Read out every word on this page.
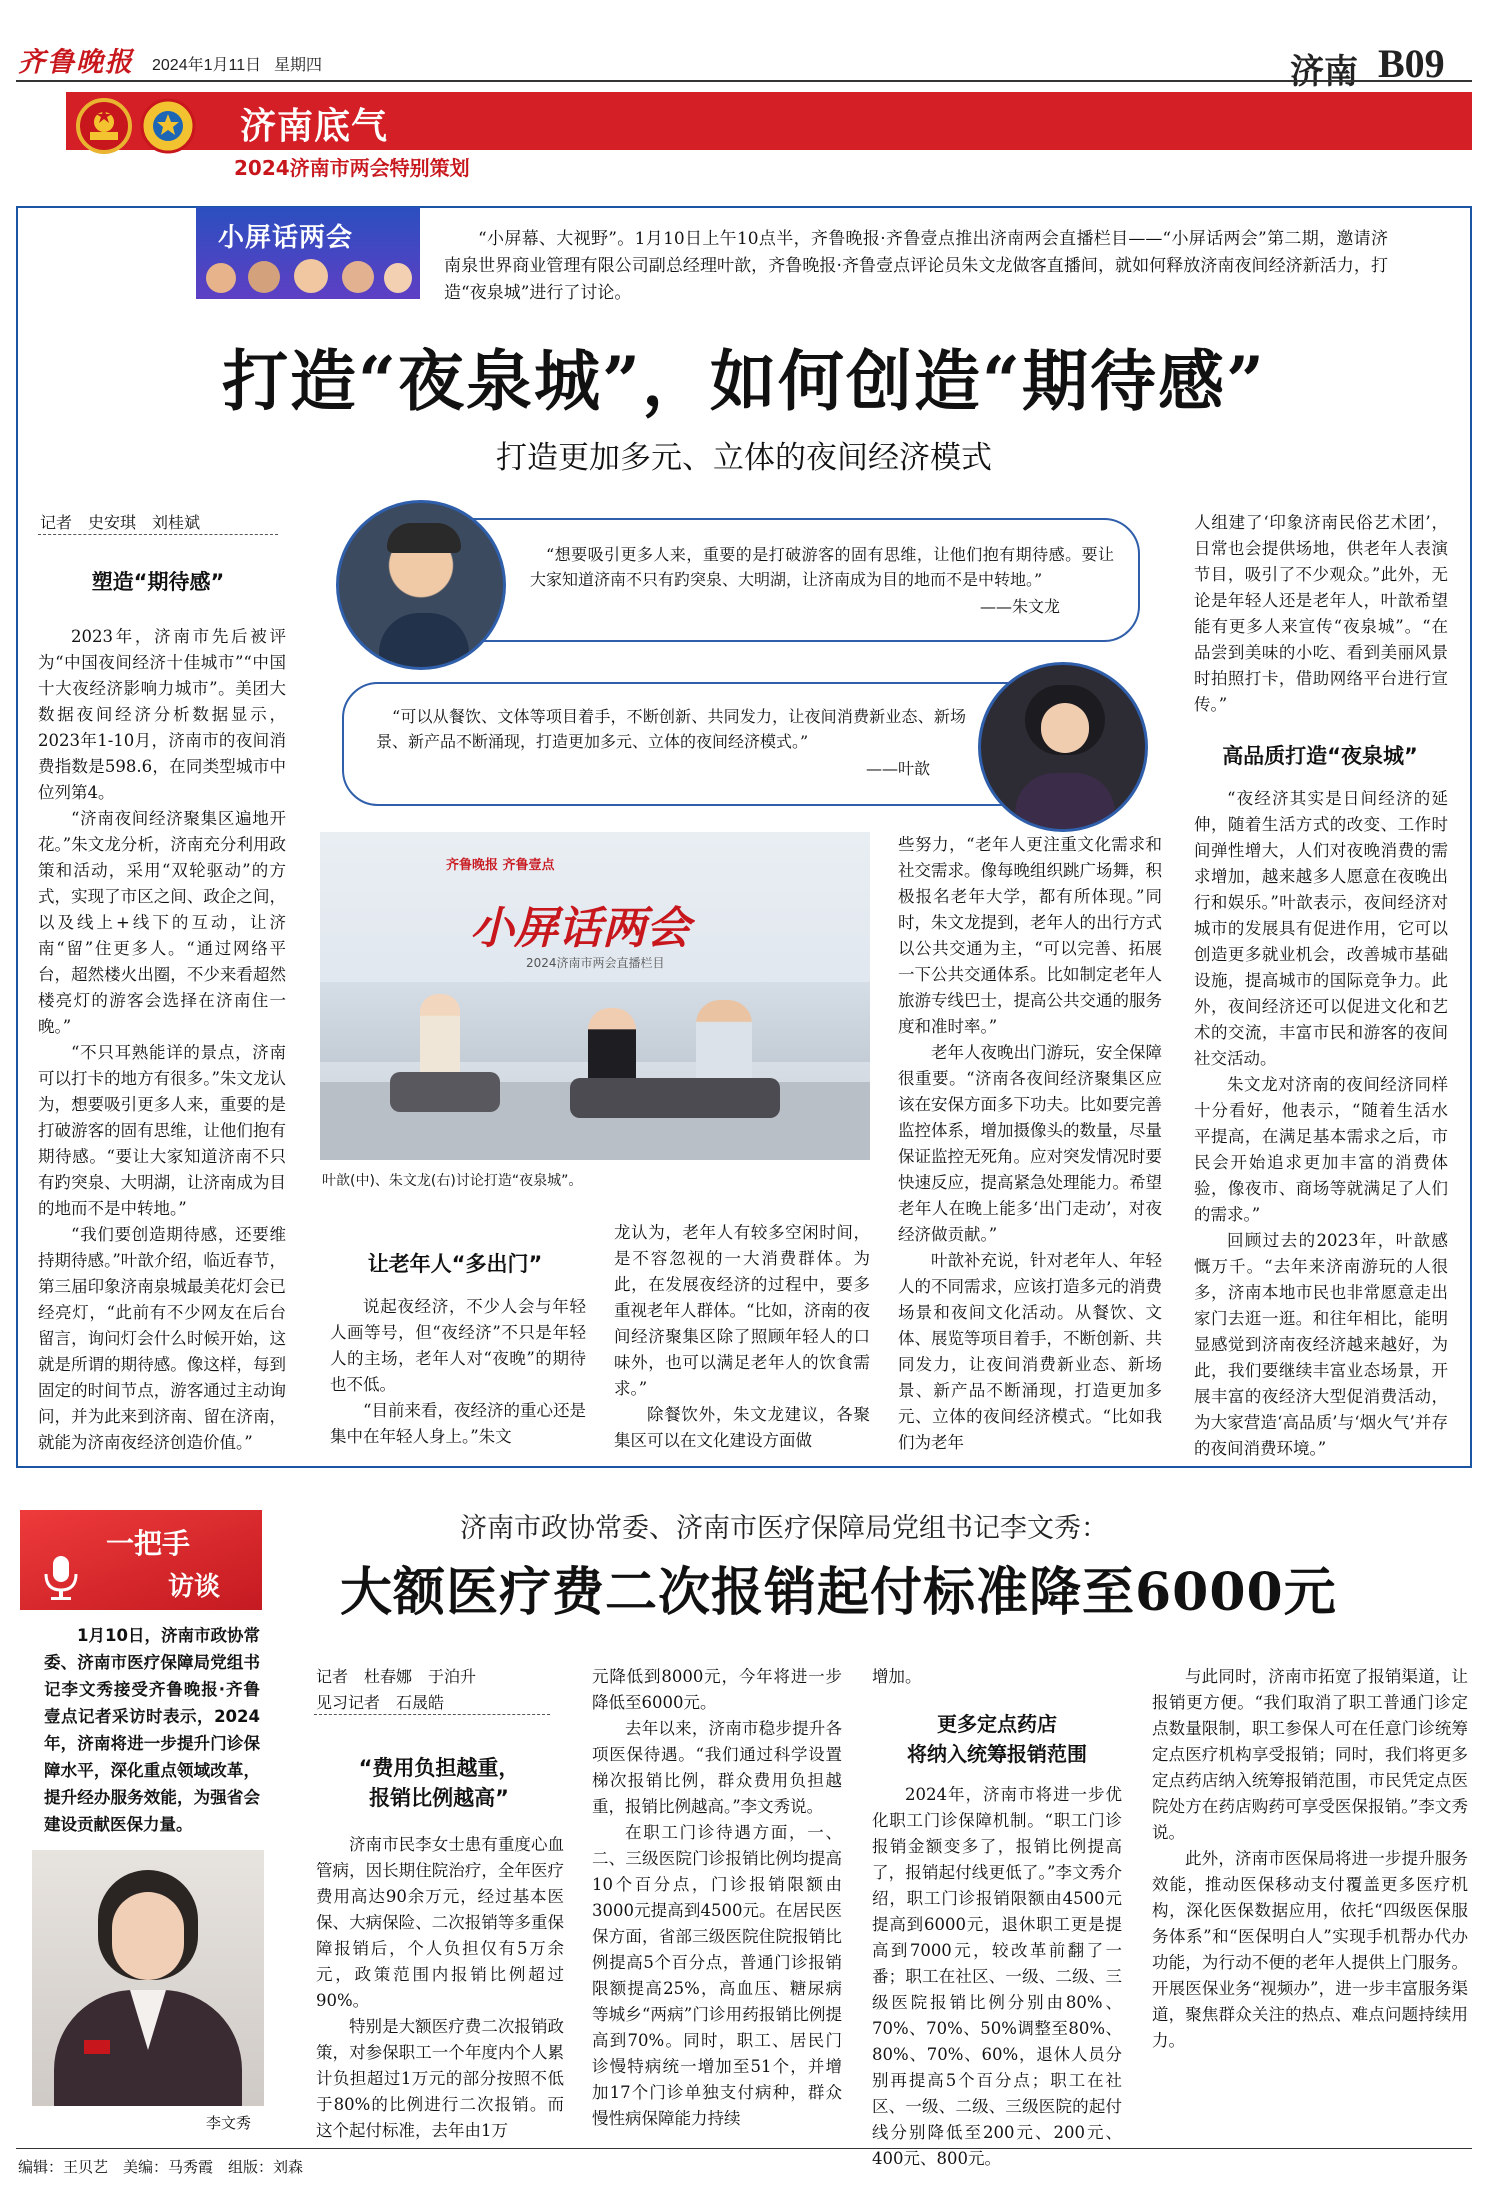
齐鲁晚报 2024年1月11日 星期四	济南 B09
济南底气
2024济南市两会特别策划
小屏话两会	“小屏幕、大视野”。1月10日上午10点半，齐鲁晚报·齐鲁壹点推出济南两会直播栏目——“小屏话两会”第二期，邀请济南泉世界商业管理有限公司副总经理叶歆，齐鲁晚报·齐鲁壹点评论员朱文龙做客直播间，就如何释放济南夜间经济新活力，打造“夜泉城”进行了讨论。
打造“夜泉城”，如何创造“期待感”
打造更加多元、立体的夜间经济模式
记者　史安琪　刘桂斌
塑造“期待感”

2023年，济南市先后被评为“中国夜间经济十佳城市”“中国十大夜经济影响力城市”。美团大数据夜间经济分析数据显示，2023年1-10月，济南市的夜间消费指数是598.6，在同类型城市中位列第4。

“济南夜间经济聚集区遍地开花。”朱文龙分析，济南充分利用政策和活动，采用“双轮驱动”的方式，实现了市区之间、政企之间，以及线上+线下的互动，让济南“留”住更多人。“通过网络平台，超然楼火出圈，不少来看超然楼亮灯的游客会选择在济南住一晚。”

“不只耳熟能详的景点，济南可以打卡的地方有很多。”朱文龙认为，想要吸引更多人来，重要的是打破游客的固有思维，让他们抱有期待感。“要让大家知道济南不只有趵突泉、大明湖，让济南成为目的地而不是中转地。”

“我们要创造期待感，还要维持期待感。”叶歆介绍，临近春节，第三届印象济南泉城最美花灯会已经亮灯，“此前有不少网友在后台留言，询问灯会什么时候开始，这就是所谓的期待感。像这样，每到固定的时间节点，游客通过主动询问，并为此来到济南、留在济南，就能为济南夜经济创造价值。”

“想要吸引更多人来，重要的是打破游客的固有思维，让他们抱有期待感。要让大家知道济南不只有趵突泉、大明湖，让济南成为目的地而不是中转地。”
——朱文龙
“可以从餐饮、文体等项目着手，不断创新、共同发力，让夜间消费新业态、新场景、新产品不断涌现，打造更加多元、立体的夜间经济模式。”
——叶歆
齐鲁晚报 齐鲁壹点
小屏话两会
2024济南市两会直播栏目
叶歆(中)、朱文龙(右)讨论打造“夜泉城”。
让老年人“多出门”

说起夜经济，不少人会与年轻人画等号，但“夜经济”不只是年轻人的主场，老年人对“夜晚”的期待也不低。

“目前来看，夜经济的重心还是集中在年轻人身上。”朱文

龙认为，老年人有较多空闲时间，是不容忽视的一大消费群体。为此，在发展夜经济的过程中，要多重视老年人群体。“比如，济南的夜间经济聚集区除了照顾年轻人的口味外，也可以满足老年人的饮食需求。”

除餐饮外，朱文龙建议，各聚集区可以在文化建设方面做

些努力，“老年人更注重文化需求和社交需求。像每晚组织跳广场舞，积极报名老年大学，都有所体现。”同时，朱文龙提到，老年人的出行方式以公共交通为主，“可以完善、拓展一下公共交通体系。比如制定老年人旅游专线巴士，提高公共交通的服务度和准时率。”

老年人夜晚出门游玩，安全保障很重要。“济南各夜间经济聚集区应该在安保方面多下功夫。比如要完善监控体系，增加摄像头的数量，尽量保证监控无死角。应对突发情况时要快速反应，提高紧急处理能力。希望老年人在晚上能多‘出门走动’，对夜经济做贡献。”

叶歆补充说，针对老年人、年轻人的不同需求，应该打造多元的消费场景和夜间文化活动。从餐饮、文体、展览等项目着手，不断创新、共同发力，让夜间消费新业态、新场景、新产品不断涌现，打造更加多元、立体的夜间经济模式。“比如我们为老年

人组建了‘印象济南民俗艺术团’，日常也会提供场地，供老年人表演节目，吸引了不少观众。”此外，无论是年轻人还是老年人，叶歆希望能有更多人来宣传“夜泉城”。“在品尝到美味的小吃、看到美丽风景时拍照打卡，借助网络平台进行宣传。”

高品质打造“夜泉城”

“夜经济其实是日间经济的延伸，随着生活方式的改变、工作时间弹性增大，人们对夜晚消费的需求增加，越来越多人愿意在夜晚出行和娱乐。”叶歆表示，夜间经济对城市的发展具有促进作用，它可以创造更多就业机会，改善城市基础设施，提高城市的国际竞争力。此外，夜间经济还可以促进文化和艺术的交流，丰富市民和游客的夜间社交活动。

朱文龙对济南的夜间经济同样十分看好，他表示，“随着生活水平提高，在满足基本需求之后，市民会开始追求更加丰富的消费体验，像夜市、商场等就满足了人们的需求。”

回顾过去的2023年，叶歆感慨万千。“去年来济南游玩的人很多，济南本地市民也非常愿意走出家门去逛一逛。和往年相比，能明显感觉到济南夜经济越来越好，为此，我们要继续丰富业态场景，开展丰富的夜经济大型促消费活动，为大家营造‘高品质’与‘烟火气’并存的夜间消费环境。”

一把手
访谈
1月10日，济南市政协常委、济南市医疗保障局党组书记李文秀接受齐鲁晚报·齐鲁壹点记者采访时表示，2024年，济南将进一步提升门诊保障水平，深化重点领域改革，提升经办服务效能，为强省会建设贡献医保力量。
李文秀
济南市政协常委、济南市医疗保障局党组书记李文秀：
大额医疗费二次报销起付标准降至6000元
记者　杜春娜　于泊升
见习记者　石晟皓
“费用负担越重，
报销比例越高”

济南市民李女士患有重度心血管病，因长期住院治疗，全年医疗费用高达90余万元，经过基本医保、大病保险、二次报销等多重保障报销后，个人负担仅有5万余元，政策范围内报销比例超过90%。

特别是大额医疗费二次报销政策，对参保职工一个年度内个人累计负担超过1万元的部分按照不低于80%的比例进行二次报销。而这个起付标准，去年由1万

元降低到8000元，今年将进一步降低至6000元。

去年以来，济南市稳步提升各项医保待遇。“我们通过科学设置梯次报销比例，群众费用负担越重，报销比例越高。”李文秀说。

在职工门诊待遇方面，一、二、三级医院门诊报销比例均提高10个百分点，门诊报销限额由3000元提高到4500元。在居民医保方面，省部三级医院住院报销比例提高5个百分点，普通门诊报销限额提高25%，高血压、糖尿病等城乡“两病”门诊用药报销比例提高到70%。同时，职工、居民门诊慢特病统一增加至51个，并增加17个门诊单独支付病种，群众慢性病保障能力持续

增加。

更多定点药店
将纳入统筹报销范围

2024年，济南市将进一步优化职工门诊保障机制。“职工门诊报销金额变多了，报销比例提高了，报销起付线更低了。”李文秀介绍，职工门诊报销限额由4500元提高到6000元，退休职工更是提高到7000元，较改革前翻了一番；职工在社区、一级、二级、三级医院报销比例分别由80%、70%、70%、50%调整至80%、80%、70%、60%，退休人员分别再提高5个百分点；职工在社区、一级、二级、三级医院的起付线分别降低至200元、200元、400元、800元。

与此同时，济南市拓宽了报销渠道，让报销更方便。“我们取消了职工普通门诊定点数量限制，职工参保人可在任意门诊统筹定点医疗机构享受报销；同时，我们将更多定点药店纳入统筹报销范围，市民凭定点医院处方在药店购药可享受医保报销。”李文秀说。

此外，济南市医保局将进一步提升服务效能，推动医保移动支付覆盖更多医疗机构，深化医保数据应用，依托“四级医保服务体系”和“医保明白人”实现手机帮办代办功能，为行动不便的老年人提供上门服务。开展医保业务“视频办”，进一步丰富服务渠道，聚焦群众关注的热点、难点问题持续用力。

编辑：王贝艺　美编：马秀霞　组版：刘森
